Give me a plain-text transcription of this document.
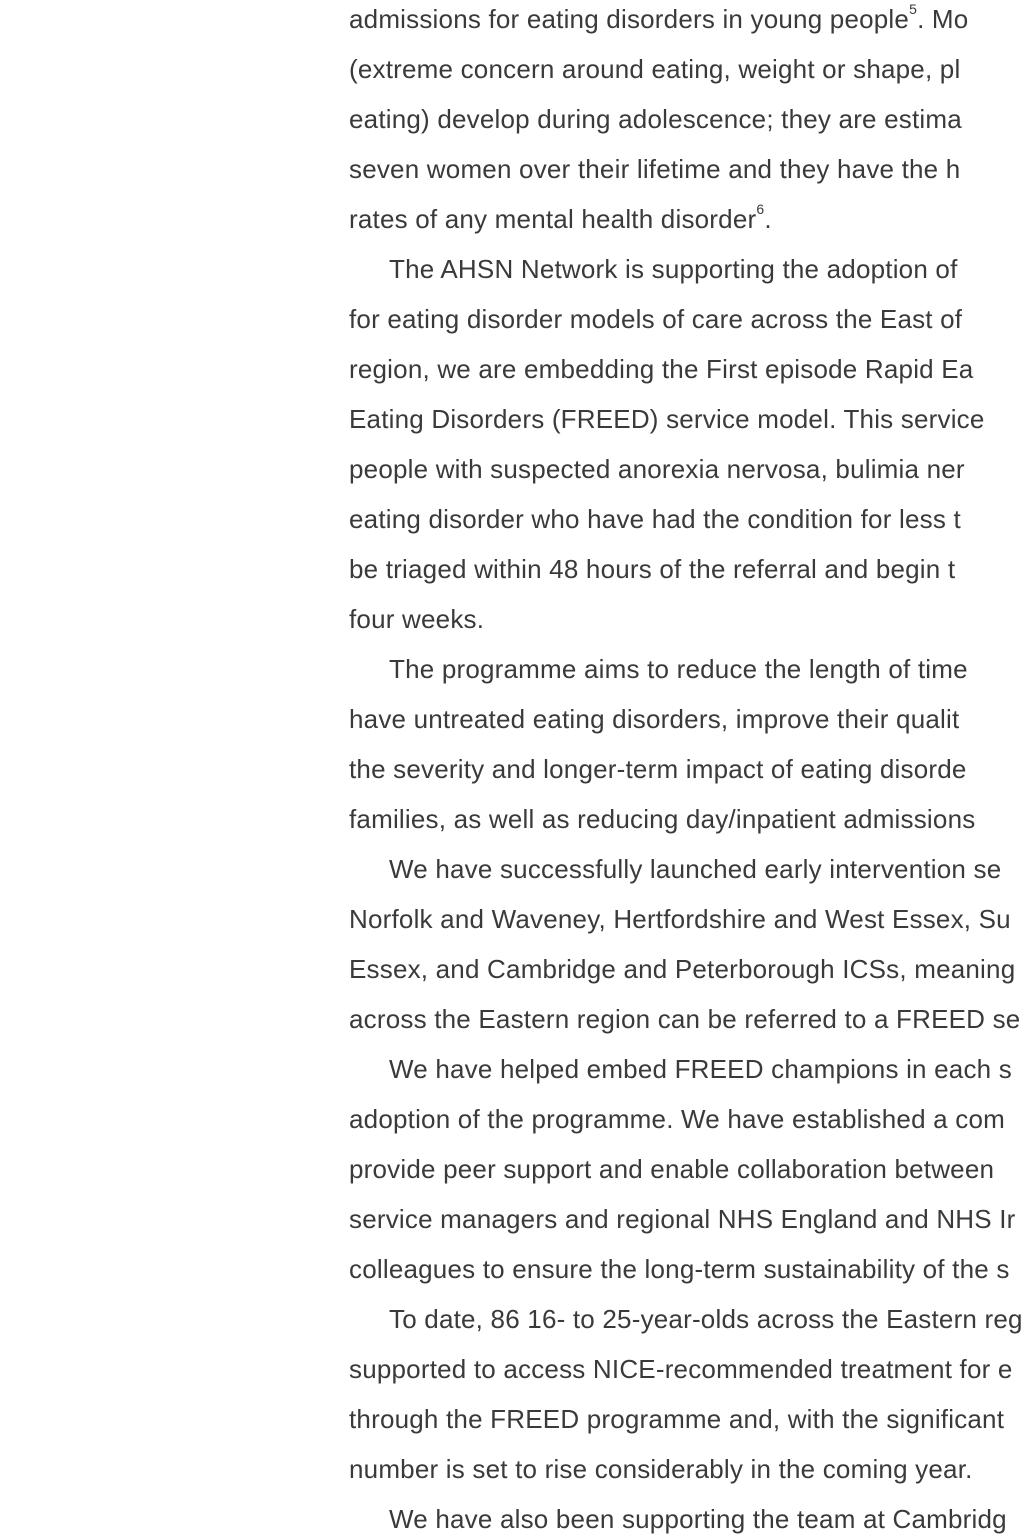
admissions for eating disorders in young people$^5$. Mo
(extreme concern around eating, weight or shape, pl
eating) develop during adolescence; they are estima
seven women over their lifetime and they have the h
rates of any mental health disorder$^6$.
The AHSN Network is supporting the adoption of
for eating disorder models of care across the East of
region, we are embedding the First episode Rapid Ea
Eating Disorders (FREED) service model. This service
people with suspected anorexia nervosa, bulimia ner
eating disorder who have had the condition for less t
be triaged within 48 hours of the referral and begin t
four weeks.
The programme aims to reduce the length of time
have untreated eating disorders, improve their qualit
the severity and longer-term impact of eating disorde
families, as well as reducing day/inpatient admissions
We have successfully launched early intervention se
Norfolk and Waveney, Hertfordshire and West Essex, Su
Essex, and Cambridge and Peterborough ICSs, meaning
across the Eastern region can be referred to a FREED se
We have helped embed FREED champions in each s
adoption of the programme. We have established a com
provide peer support and enable collaboration between
service managers and regional NHS England and NHS Ir
colleagues to ensure the long-term sustainability of the s
To date, 86 16- to 25-year-olds across the Eastern reg
supported to access NICE-recommended treatment for e
through the FREED programme and, with the significant
number is set to rise considerably in the coming year.
We have also been supporting the team at Cambridg
